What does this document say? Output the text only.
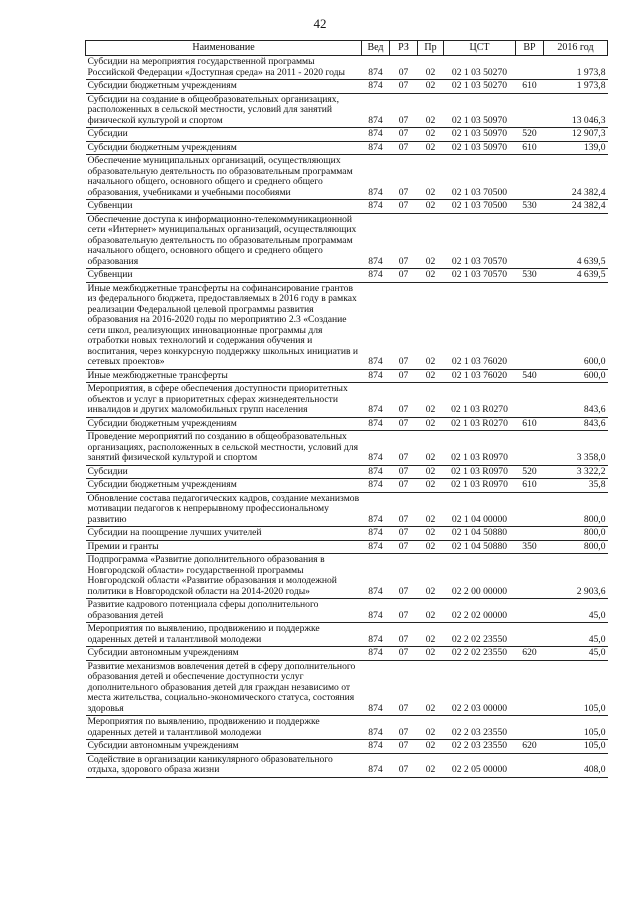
42
Наименование	Вед	РЗ	Пр	ЦСТ	ВР	2016 год
Субсидии на мероприятия государственной программы Российской Федерации «Доступная среда» на 2011 - 2020 годы	874	07	02	02 1 03 50270		1 973,8
Субсидии бюджетным учреждениям	874	07	02	02 1 03 50270	610	1 973,8
Субсидии на создание в общеобразовательных организациях, расположенных в сельской местности, условий для занятий физической культурой и спортом	874	07	02	02 1 03 50970		13 046,3
Субсидии	874	07	02	02 1 03 50970	520	12 907,3
Субсидии бюджетным учреждениям	874	07	02	02 1 03 50970	610	139,0
Обеспечение муниципальных организаций, осуществляющих образовательную деятельность по образовательным программам начального общего, основного общего и среднего общего образования, учебниками и учебными пособиями	874	07	02	02 1 03 70500		24 382,4
Субвенции	874	07	02	02 1 03 70500	530	24 382,4
Обеспечение доступа к информационно-телекоммуникационной сети «Интернет» муниципальных организаций, осуществляющих образовательную деятельность по образовательным программам начального общего, основного общего и среднего общего образования	874	07	02	02 1 03 70570		4 639,5
Субвенции	874	07	02	02 1 03 70570	530	4 639,5
Иные межбюджетные трансферты на софинансирование грантов из федерального бюджета, предоставляемых в 2016 году в рамках реализации Федеральной целевой программы развития образования на 2016-2020 годы по мероприятию 2.3 «Создание сети школ, реализующих инновационные программы для отработки новых технологий и содержания обучения и воспитания, через конкурсную поддержку школьных инициатив и сетевых проектов»	874	07	02	02 1 03 76020		600,0
Иные межбюджетные трансферты	874	07	02	02 1 03 76020	540	600,0
Мероприятия, в сфере обеспечения доступности приоритетных объектов и услуг в приоритетных сферах жизнедеятельности инвалидов и других маломобильных групп населения	874	07	02	02 1 03 R0270		843,6
Субсидии бюджетным учреждениям	874	07	02	02 1 03 R0270	610	843,6
Проведение мероприятий по созданию в общеобразовательных организациях, расположенных в сельской местности, условий для занятий физической культурой и спортом	874	07	02	02 1 03 R0970		3 358,0
Субсидии	874	07	02	02 1 03 R0970	520	3 322,2
Субсидии бюджетным учреждениям	874	07	02	02 1 03 R0970	610	35,8
Обновление состава педагогических кадров, создание механизмов мотивации педагогов к непрерывному профессиональному развитию	874	07	02	02 1 04 00000		800,0
Субсидии на поощрение лучших учителей	874	07	02	02 1 04 50880		800,0
Премии и гранты	874	07	02	02 1 04 50880	350	800,0
Подпрограмма «Развитие дополнительного образования в Новгородской области» государственной программы Новгородской области «Развитие образования и молодежной политики в Новгородской области на 2014-2020 годы»	874	07	02	02 2 00 00000		2 903,6
Развитие кадрового потенциала сферы дополнительного образования детей	874	07	02	02 2 02 00000		45,0
Мероприятия по выявлению, продвижению и поддержке одаренных детей и талантливой молодежи	874	07	02	02 2 02 23550		45,0
Субсидии автономным учреждениям	874	07	02	02 2 02 23550	620	45,0
Развитие механизмов вовлечения детей в сферу дополнительного образования детей и обеспечение доступности услуг дополнительного образования детей для граждан независимо от места жительства, социально-экономического статуса, состояния здоровья	874	07	02	02 2 03 00000		105,0
Мероприятия по выявлению, продвижению и поддержке одаренных детей и талантливой молодежи	874	07	02	02 2 03 23550		105,0
Субсидии автономным учреждениям	874	07	02	02 2 03 23550	620	105,0
Содействие в организации каникулярного образовательного отдыха, здорового образа жизни	874	07	02	02 2 05 00000		408,0
